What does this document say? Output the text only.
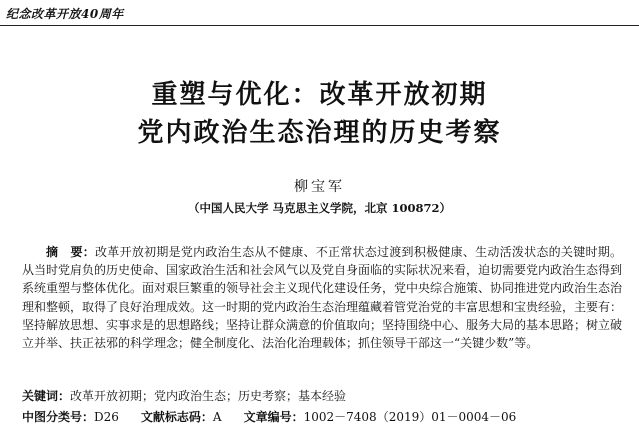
纪念改革开放40周年
重塑与优化：改革开放初期
党内政治生态治理的历史考察
柳宝军
（中国人民大学 马克思主义学院，北京 100872）

摘　要：改革开放初期是党内政治生态从不健康、不正常状态过渡到积极健康、生动活泼状态的关键时期。从当时党肩负的历史使命、国家政治生活和社会风气以及党自身面临的实际状况来看，迫切需要党内政治生态得到系统重塑与整体优化。面对艰巨繁重的领导社会主义现代化建设任务，党中央综合施策、协同推进党内政治生态治理和整顿，取得了良好治理成效。这一时期的党内政治生态治理蕴藏着管党治党的丰富思想和宝贵经验，主要有：坚持解放思想、实事求是的思想路线；坚持让群众满意的价值取向；坚持围绕中心、服务大局的基本思路；树立破立并举、扶正祛邪的科学理念；健全制度化、法治化治理载体；抓住领导干部这一“关键少数”等。

关键词：改革开放初期；党内政治生态；历史考察；基本经验
中图分类号：D26 文献标志码：A 文章编号：1002－7408（2019）01－0004－06
